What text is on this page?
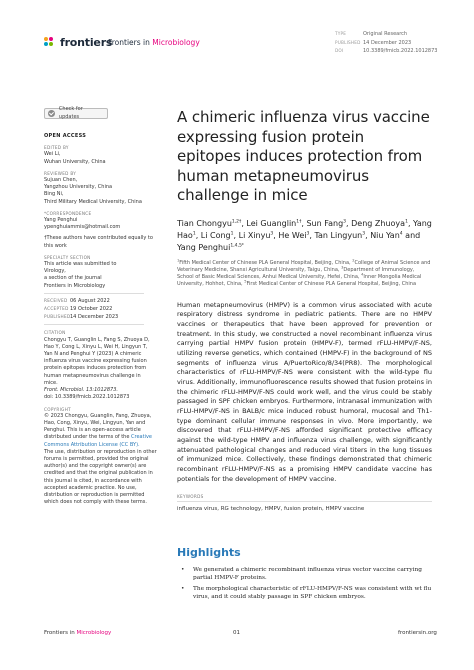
frontiers
Frontiers in Microbiology
TYPE	Original Research
PUBLISHED 14 December 2023
DOI	10.3389/fmicb.2022.1012873
Check for updates
OPEN ACCESS
EDITED BY
Wei Li,
Wuhan University, China
REVIEWED BY
Sujuan Chen,
Yangzhou University, China
Bing Ni,
Third Military Medical University, China
*CORRESPONDENCE
Yang Penghui
ypenghuiammis@hotmail.com
†These authors have contributed equally to
this work
SPECIALTY SECTION
This article was submitted to
Virology,
a section of the journal
Frontiers in Microbiology
RECEIVED 06 August 2022
ACCEPTED19 October 2022
PUBLISHED14 December 2023
CITATION
Chongyu T, Guanglin L, Fang S, Zhuoya D,
Hao Y, Cong L, Xinyu L, Wei H, Lingyun T,
Yan N and Penghui Y (2023) A chimeric
influenza virus vaccine expressing fusion
protein epitopes induces protection from
human metapneumovirus challenge in
mice.
Front. Microbiol. 13:1012873.
doi: 10.3389/fmicb.2022.1012873
COPYRIGHT
© 2023 Chongyu, Guanglin, Fang, Zhuoya,
Hao, Cong, Xinyu, Wei, Lingyun, Yan and
Penghui. This is an open-access article
distributed under the terms of the Creative
Commons Attribution License (CC BY).
The use, distribution or reproduction in other
forums is permitted, provided the original
author(s) and the copyright owner(s) are
credited and that the original publication in
this journal is cited, in accordance with
accepted academic practice. No use,
distribution or reproduction is permitted
which does not comply with these terms.
A chimeric influenza virus vaccine expressing fusion protein epitopes induces protection from human metapneumovirus challenge in mice
Tian Chongyu$^{1,2\dagger}$, Lei Guanglin$^{1\dagger}$, Sun Fang$^3$, Deng Zhuoya$^1$, Yang Hao$^1$, Li Cong$^1$, Li Xinyu$^3$, He Wei$^3$, Tan Lingyun$^3$, Niu Yan$^4$ and Yang Penghui$^{1,4,5*}$
$^1$Fifth Medical Center of Chinese PLA General Hospital, Beijing, China, $^2$College of Animal Science and Veterinary Medicine, Shanxi Agricultural University, Taigu, China, $^3$Department of Immunology, School of Basic Medical Sciences, Anhui Medical University, Hefei, China, $^4$Inner Mongolia Medical University, Hohhot, China, $^5$First Medical Center of Chinese PLA General Hospital, Beijing, China

Human metapneumovirus (HMPV) is a common virus associated with acute respiratory distress syndrome in pediatric patients. There are no HMPV vaccines or therapeutics that have been approved for prevention or treatment. In this study, we constructed a novel recombinant influenza virus carrying partial HMPV fusion protein (HMPV-F), termed rFLU-HMPV/F-NS, utilizing reverse genetics, which contained (HMPV-F) in the background of NS segments of influenza virus A/PuertoRico/8/34(PR8). The morphological characteristics of rFLU-HMPV/F-NS were consistent with the wild-type flu virus. Additionally, immunofluorescence results showed that fusion proteins in the chimeric rFLU-HMPV/F-NS could work well, and the virus could be stably passaged in SPF chicken embryos. Furthermore, intranasal immunization with rFLU-HMPV/F-NS in BALB/c mice induced robust humoral, mucosal and Th1-type dominant cellular immune responses in vivo. More importantly, we discovered that rFLU-HMPV/F-NS afforded significant protective efficacy against the wild-type HMPV and influenza virus challenge, with significantly attenuated pathological changes and reduced viral titers in the lung tissues of immunized mice. Collectively, these findings demonstrated that chimeric recombinant rFLU-HMPV/F-NS as a promising HMPV candidate vaccine has potentials for the development of HMPV vaccine.

KEYWORDS
influenza virus, RG technology, HMPV, fusion protein, HMPV vaccine
Highlights
• We generated a chimeric recombinant influenza virus vector vaccine carrying partial HMPV-F proteins.
• The morphological characteristic of rFLU-HMPV/F-NS was consistent with wt flu virus, and it could stably passage in SPF chicken embryos.
Frontiers in Microbiology	01	frontiersin.org
